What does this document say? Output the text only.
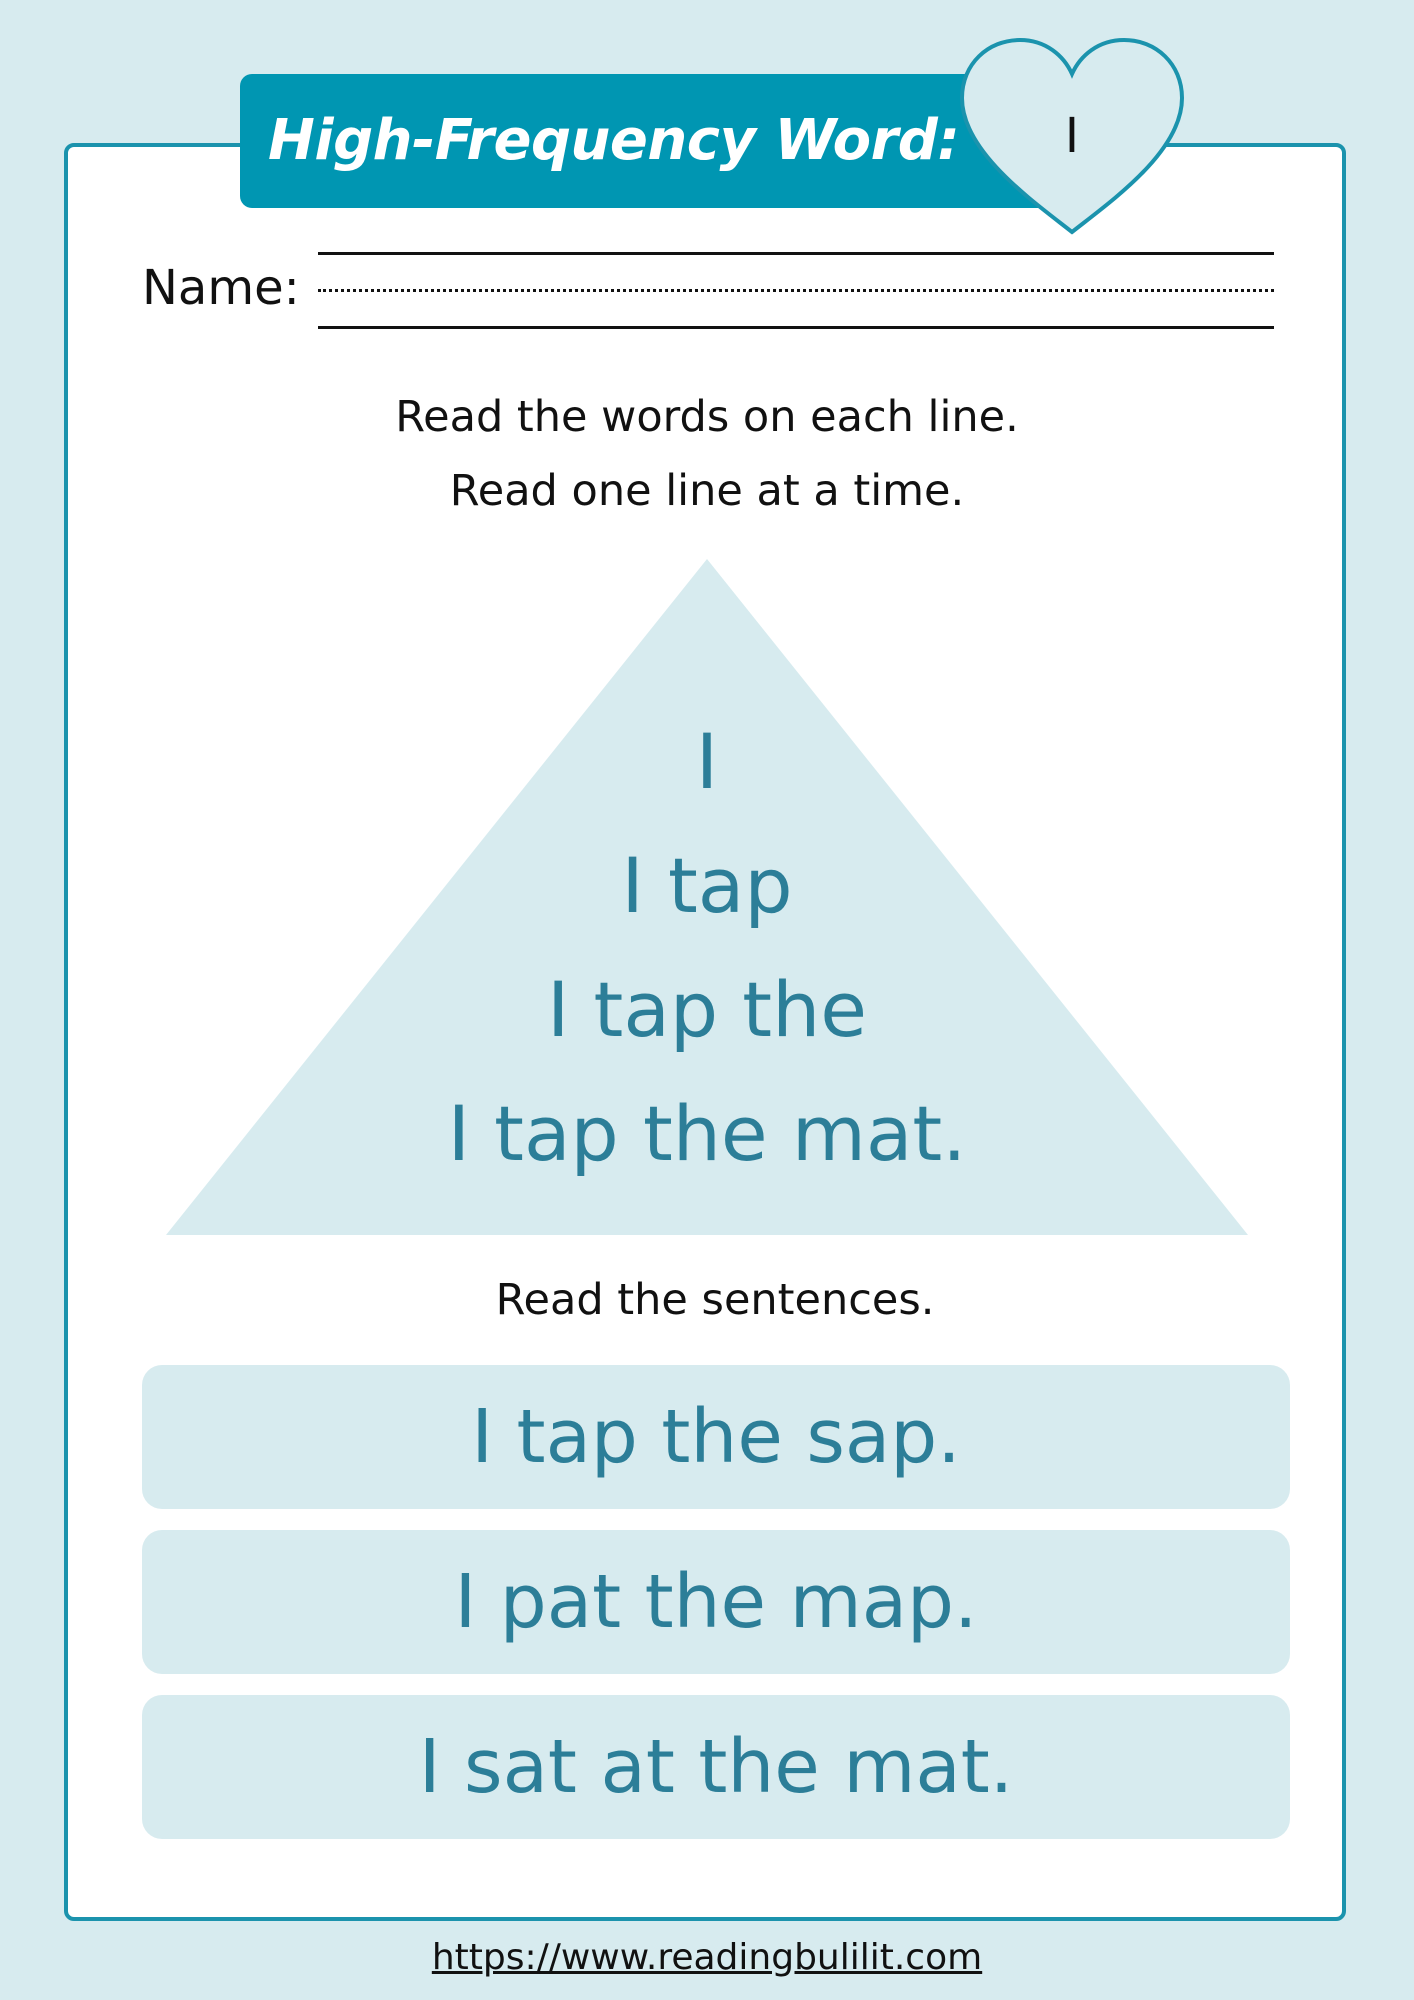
High-Frequency Word:	I
Name:
Read the words on each line.
Read one line at a time.
I
I tap
I tap the
I tap the mat.
Read the sentences.
I tap the sap.
I pat the map.
I sat at the mat.
https://www.readingbulilit.com
